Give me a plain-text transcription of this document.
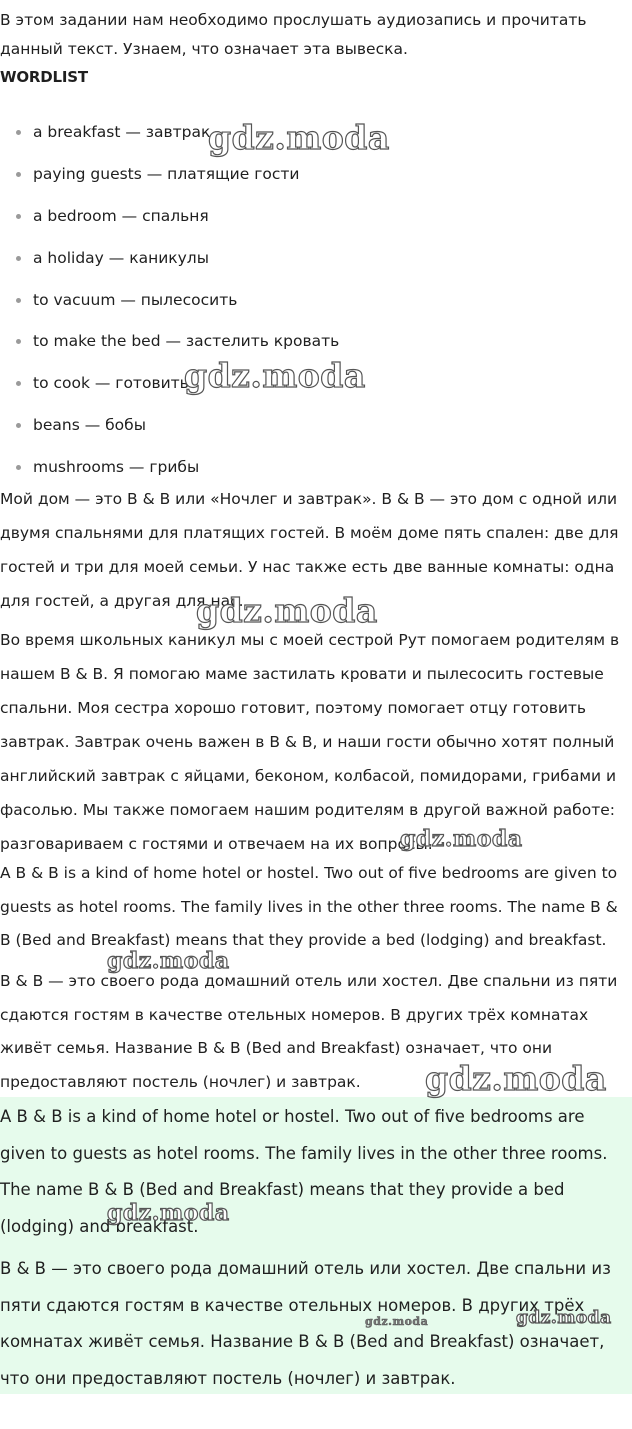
В этом задании нам необходимо прослушать аудиозапись и прочитать данный текст. Узнаем, что означает эта вывеска.

WORDLIST
a breakfast — завтрак
paying guests — платящие гости
a bedroom — спальня
a holiday — каникулы
to vacuum — пылесосить
to make the bed — застелить кровать
to cook — готовить
beans — бобы
mushrooms — грибы

Мой дом — это B & B или «Ночлег и завтрак». B & B — это дом с одной или двумя спальнями для платящих гостей. В моём доме пять спален: две для гостей и три для моей семьи. У нас также есть две ванные комнаты: одна для гостей, а другая для нас.

Во время школьных каникул мы с моей сестрой Рут помогаем родителям в нашем B & B. Я помогаю маме застилать кровати и пылесосить гостевые спальни. Моя сестра хорошо готовит, поэтому помогает отцу готовить завтрак. Завтрак очень важен в B & B, и наши гости обычно хотят полный английский завтрак с яйцами, беконом, колбасой, помидорами, грибами и фасолью. Мы также помогаем нашим родителям в другой важной работе: разговариваем с гостями и отвечаем на их вопросы.

A B & B is a kind of home hotel or hostel. Two out of five bedrooms are given to guests as hotel rooms. The family lives in the other three rooms. The name B & B (Bed and Breakfast) means that they provide a bed (lodging) and breakfast.

B & B — это своего рода домашний отель или хостел. Две спальни из пяти сдаются гостям в качестве отельных номеров. В других трёх комнатах живёт семья. Название B & B (Bed and Breakfast) означает, что они предоставляют постель (ночлег) и завтрак.

A B & B is a kind of home hotel or hostel. Two out of five bedrooms are given to guests as hotel rooms. The family lives in the other three rooms. The name B & B (Bed and Breakfast) means that they provide a bed (lodging) and breakfast.

B & B — это своего рода домашний отель или хостел. Две спальни из пяти сдаются гостям в качестве отельных номеров. В других трёх комнатах живёт семья. Название B & B (Bed and Breakfast) означает, что они предоставляют постель (ночлег) и завтрак.

gdz.moda
gdz.moda
gdz.moda
gdz.moda
gdz.moda
gdz.moda
gdz.moda
gdz.moda	gdz.moda
